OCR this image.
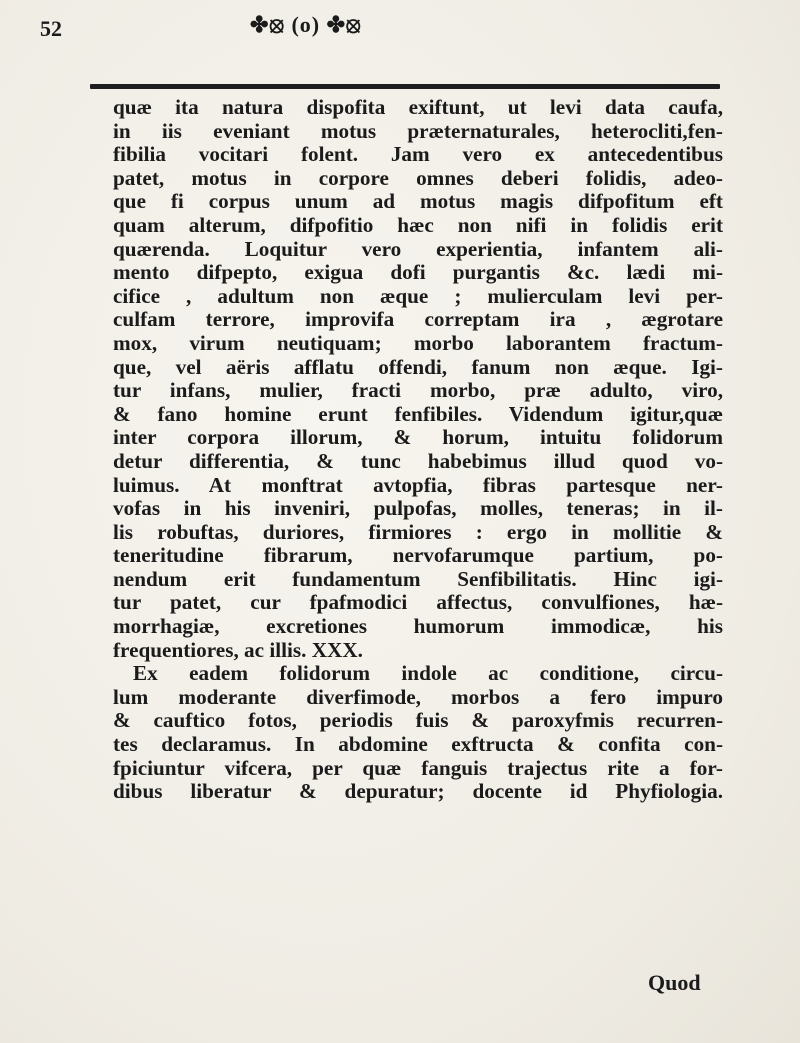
52	✤⦻ (o) ✤⦻
quæ ita natura dispofita exiftunt, ut levi data caufa,
in iis eveniant motus præternaturales, heterocliti,fen-
fibilia vocitari folent. Jam vero ex antecedentibus
patet, motus in corpore omnes deberi folidis, adeo-
que fi corpus unum ad motus magis difpofitum eft
quam alterum, difpofitio hæc non nifi in folidis erit
quærenda. Loquitur vero experientia, infantem ali-
mento difpepto, exigua dofi purgantis &c. lædi mi-
cifice , adultum non æque ; mulierculam levi per-
culfam terrore, improvifa correptam ira , ægrotare
mox, virum neutiquam; morbo laborantem fractum-
que, vel aëris afflatu offendi, fanum non æque. Igi-
tur infans, mulier, fracti morbo, præ adulto, viro,
& fano homine erunt fenfibiles. Videndum igitur,quæ
inter corpora illorum, & horum, intuitu folidorum
detur differentia, & tunc habebimus illud quod vo-
luimus. At monftrat avtopfia, fibras partesque ner-
vofas in his inveniri, pulpofas, molles, teneras; in il-
lis robuftas, duriores, firmiores : ergo in mollitie &
teneritudine fibrarum, nervofarumque partium, po-
nendum erit fundamentum Senfibilitatis. Hinc igi-
tur patet, cur fpafmodici affectus, convulfiones, hæ-
morrhagiæ, excretiones humorum immodicæ, his
frequentiores, ac illis. XXX.
Ex eadem folidorum indole ac conditione, circu-
lum moderante diverfimode, morbos a fero impuro
& cauftico fotos, periodis fuis & paroxyfmis recurren-
tes declaramus. In abdomine exftructa & confita con-
fpiciuntur vifcera, per quæ fanguis trajectus rite a for-
dibus liberatur & depuratur; docente id Phyfiologia.
Quod
